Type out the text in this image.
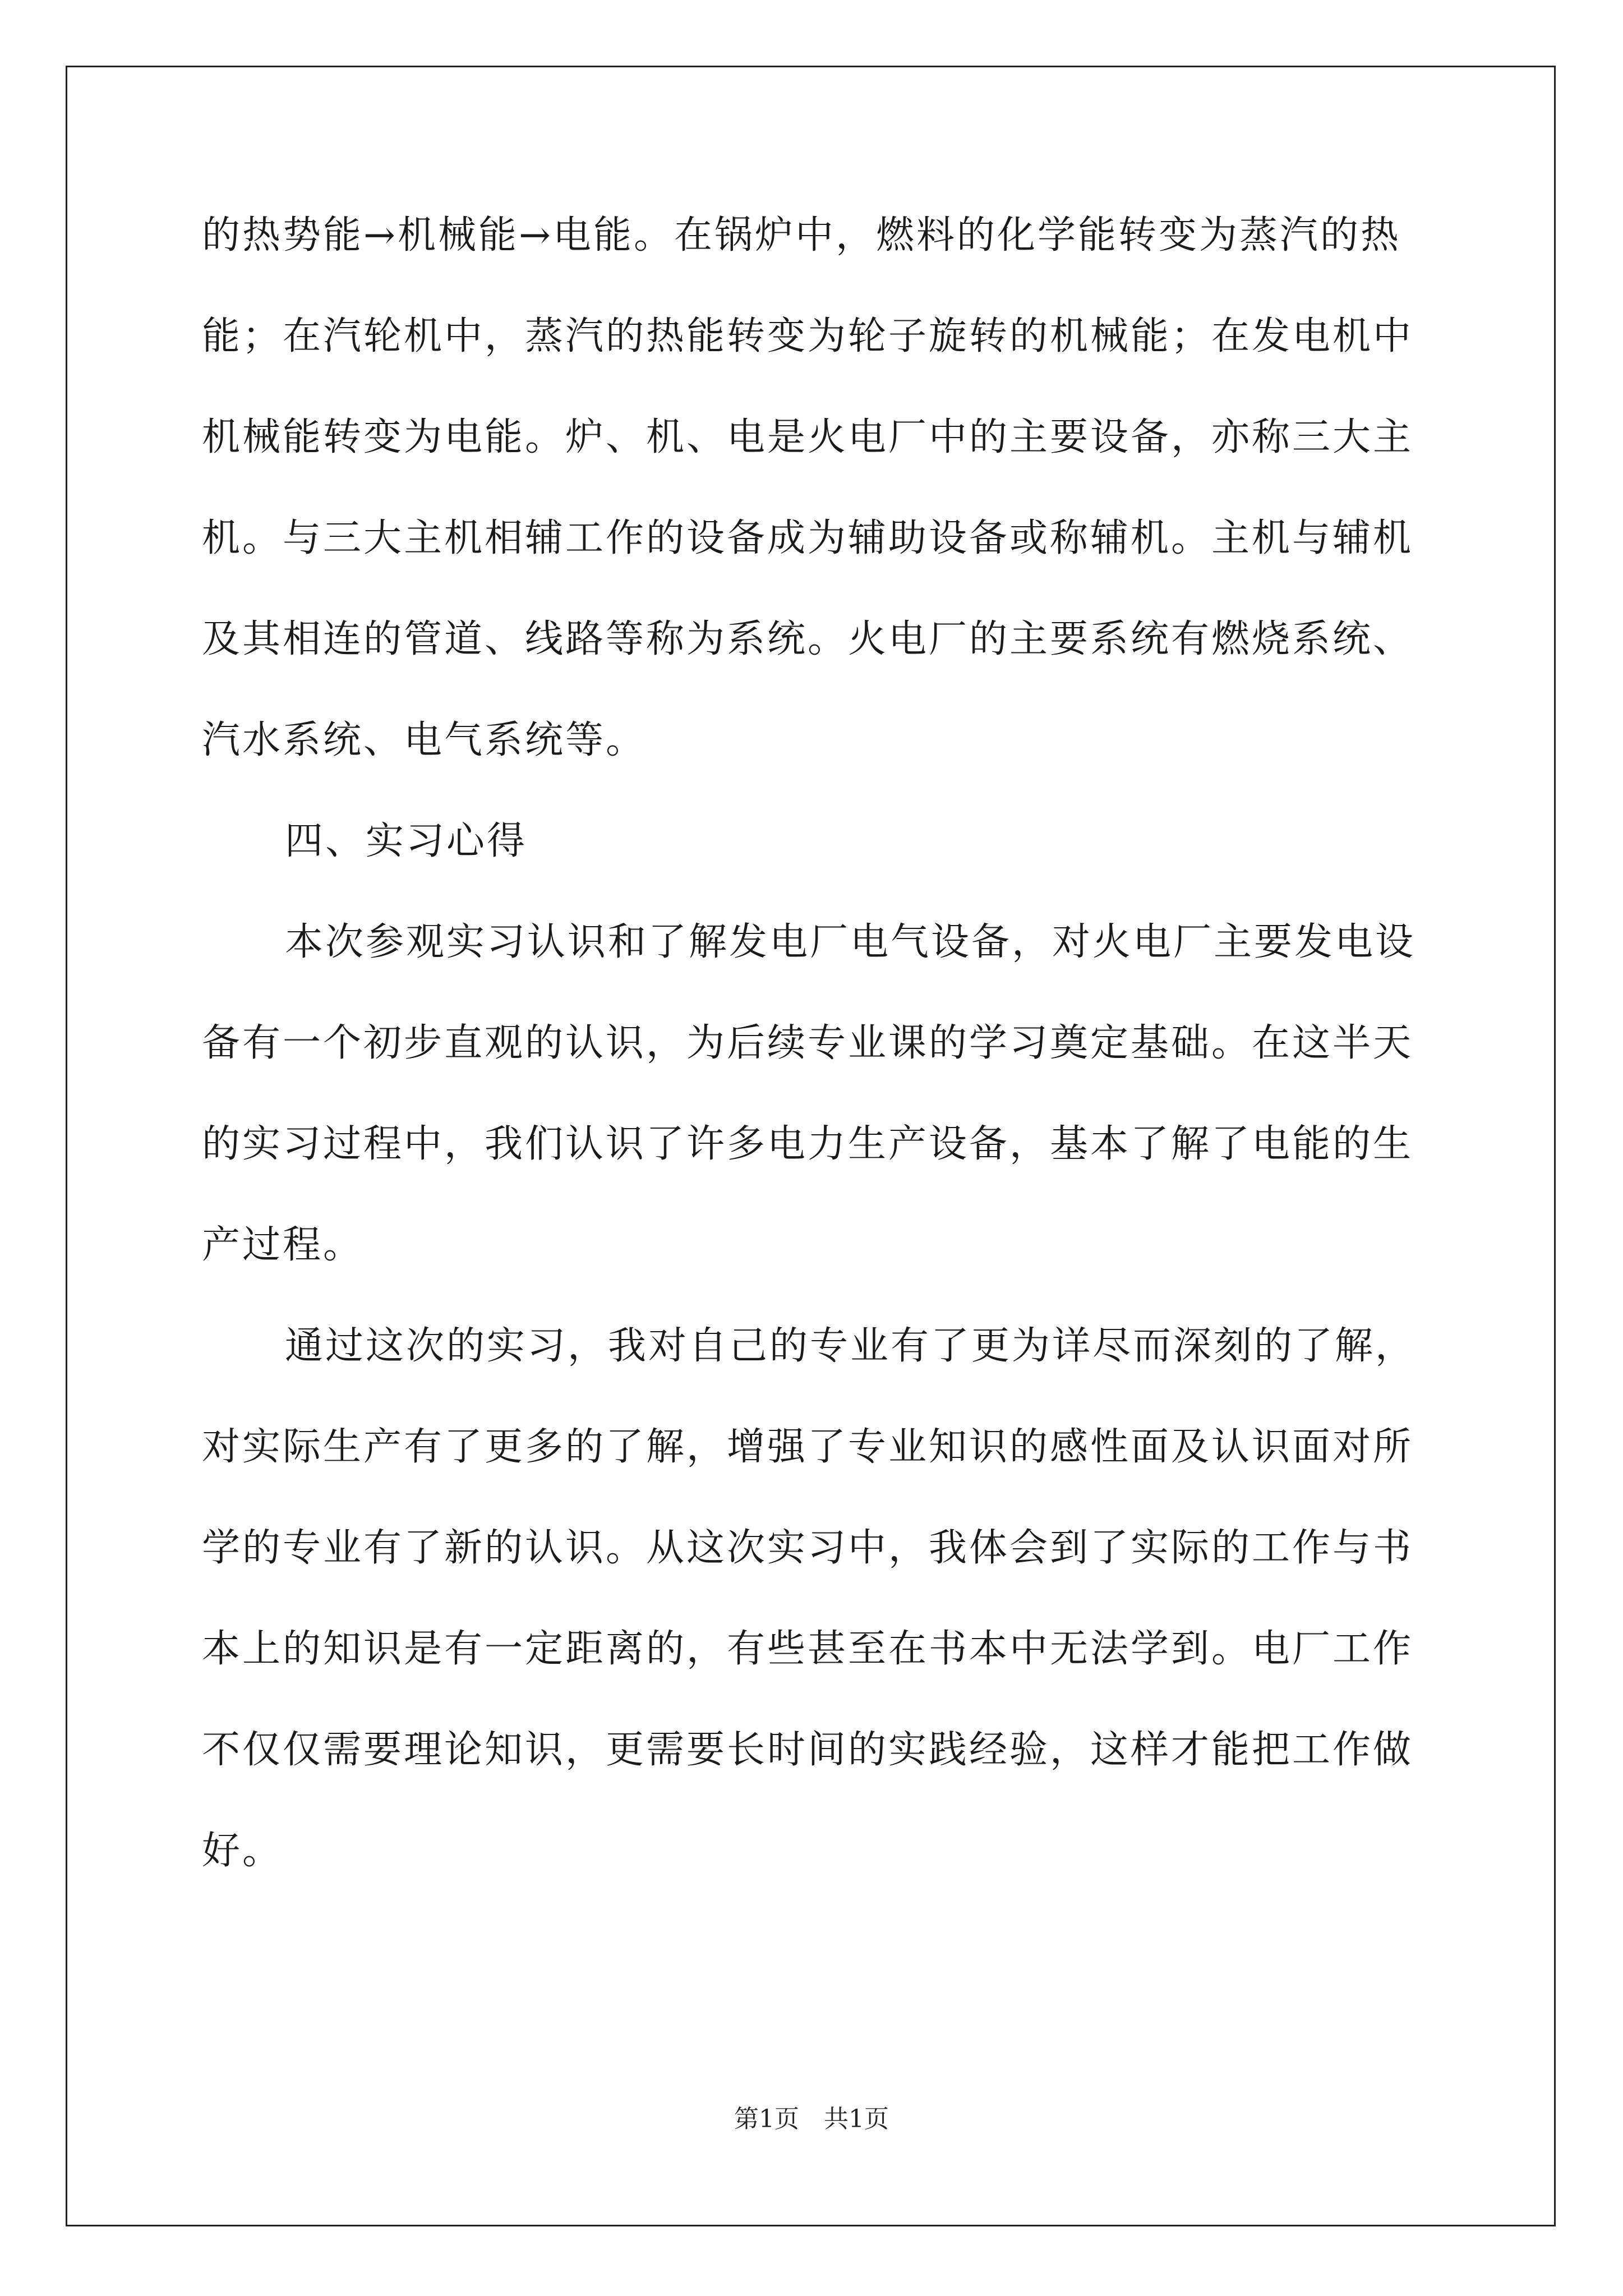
的热势能→机械能→电能。在锅炉中，燃料的化学能转变为蒸汽的热
能；在汽轮机中，蒸汽的热能转变为轮子旋转的机械能；在发电机中
机械能转变为电能。炉、机、电是火电厂中的主要设备，亦称三大主
机。与三大主机相辅工作的设备成为辅助设备或称辅机。主机与辅机
及其相连的管道、线路等称为系统。火电厂的主要系统有燃烧系统、
汽水系统、电气系统等。
四、实习心得
本次参观实习认识和了解发电厂电气设备，对火电厂主要发电设
备有一个初步直观的认识，为后续专业课的学习奠定基础。在这半天
的实习过程中，我们认识了许多电力生产设备，基本了解了电能的生
产过程。
通过这次的实习，我对自己的专业有了更为详尽而深刻的了解，
对实际生产有了更多的了解，增强了专业知识的感性面及认识面对所
学的专业有了新的认识。从这次实习中，我体会到了实际的工作与书
本上的知识是有一定距离的，有些甚至在书本中无法学到。电厂工作
不仅仅需要理论知识，更需要长时间的实践经验，这样才能把工作做
好。
第1页 共1页
